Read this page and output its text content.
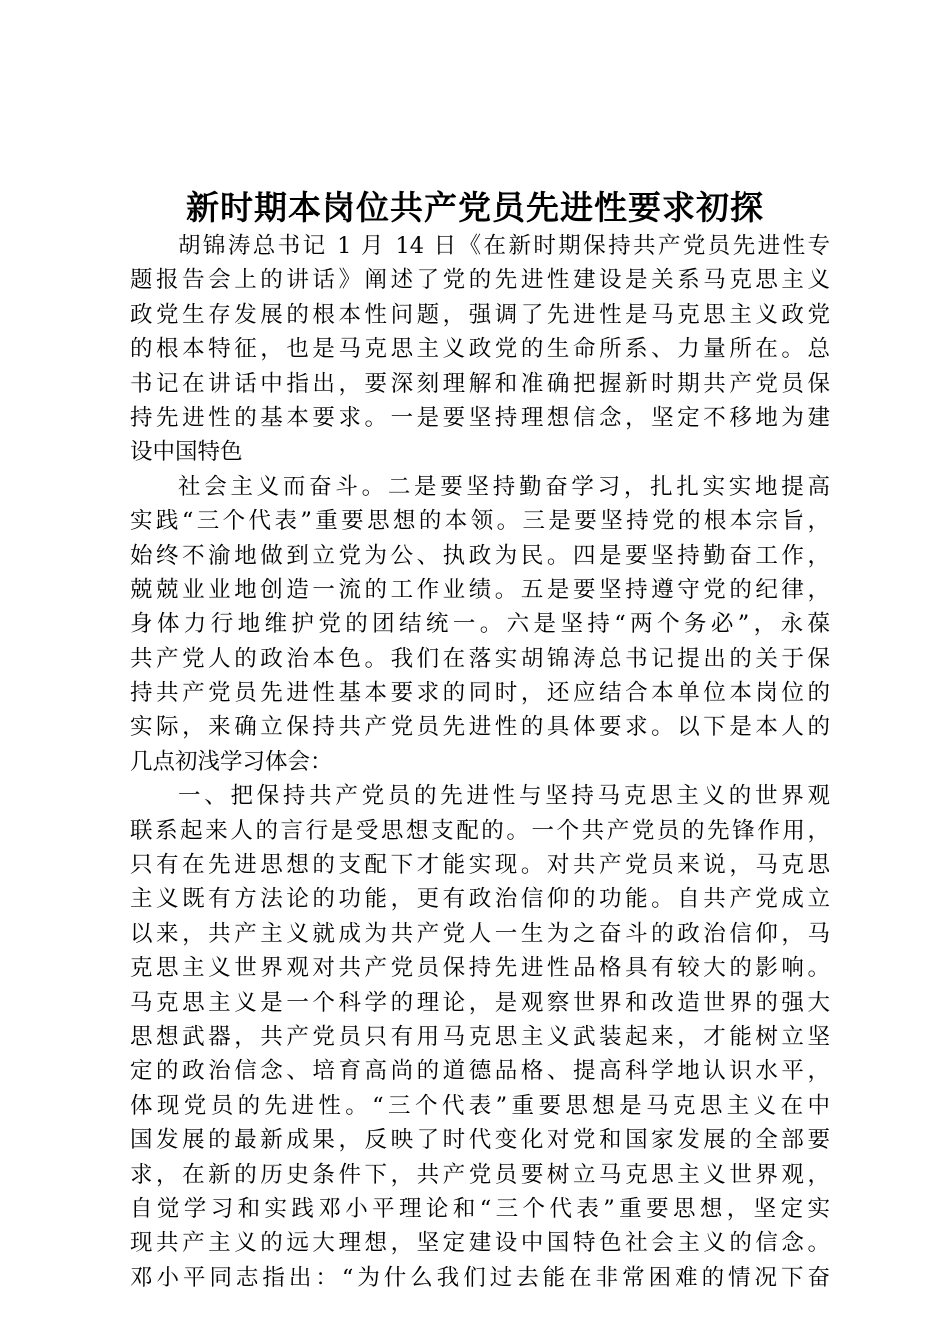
新时期本岗位共产党员先进性要求初探
胡锦涛总书记 1 月 14 日《在新时期保持共产党员先进性专
题报告会上的讲话》阐述了党的先进性建设是关系马克思主义
政党生存发展的根本性问题，强调了先进性是马克思主义政党
的根本特征，也是马克思主义政党的生命所系、力量所在。总
书记在讲话中指出，要深刻理解和准确把握新时期共产党员保
持先进性的基本要求。一是要坚持理想信念，坚定不移地为建
设中国特色
社会主义而奋斗。二是要坚持勤奋学习，扎扎实实地提高
实践“三个代表”重要思想的本领。三是要坚持党的根本宗旨，
始终不渝地做到立党为公、执政为民。四是要坚持勤奋工作，
兢兢业业地创造一流的工作业绩。五是要坚持遵守党的纪律，
身体力行地维护党的团结统一。六是坚持“两个务必”，永葆
共产党人的政治本色。我们在落实胡锦涛总书记提出的关于保
持共产党员先进性基本要求的同时，还应结合本单位本岗位的
实际，来确立保持共产党员先进性的具体要求。以下是本人的
几点初浅学习体会：
一、把保持共产党员的先进性与坚持马克思主义的世界观
联系起来人的言行是受思想支配的。一个共产党员的先锋作用，
只有在先进思想的支配下才能实现。对共产党员来说，马克思
主义既有方法论的功能，更有政治信仰的功能。自共产党成立
以来，共产主义就成为共产党人一生为之奋斗的政治信仰，马
克思主义世界观对共产党员保持先进性品格具有较大的影响。
马克思主义是一个科学的理论，是观察世界和改造世界的强大
思想武器，共产党员只有用马克思主义武装起来，才能树立坚
定的政治信念、培育高尚的道德品格、提高科学地认识水平，
体现党员的先进性。“三个代表”重要思想是马克思主义在中
国发展的最新成果，反映了时代变化对党和国家发展的全部要
求，在新的历史条件下，共产党员要树立马克思主义世界观，
自觉学习和实践邓小平理论和“三个代表”重要思想，坚定实
现共产主义的远大理想，坚定建设中国特色社会主义的信念。
邓小平同志指出：“为什么我们过去能在非常困难的情况下奋
